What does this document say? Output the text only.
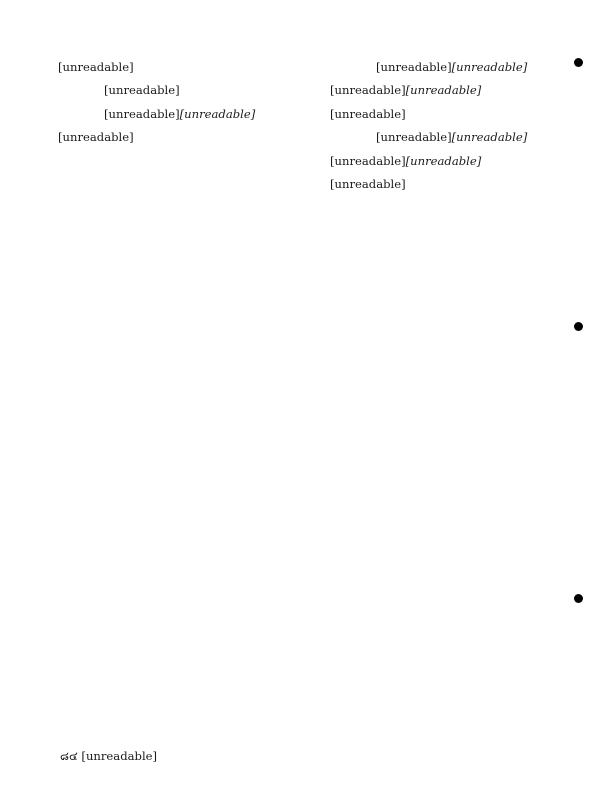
[unreadable]

[unreadable]

[unreadable][unreadable][unreadable]

[unreadable][unreadable][unreadable][unreadable][unreadable]

[unreadable][unreadable][unreadable][unreadable][unreadable]

๘๔ [unreadable]
